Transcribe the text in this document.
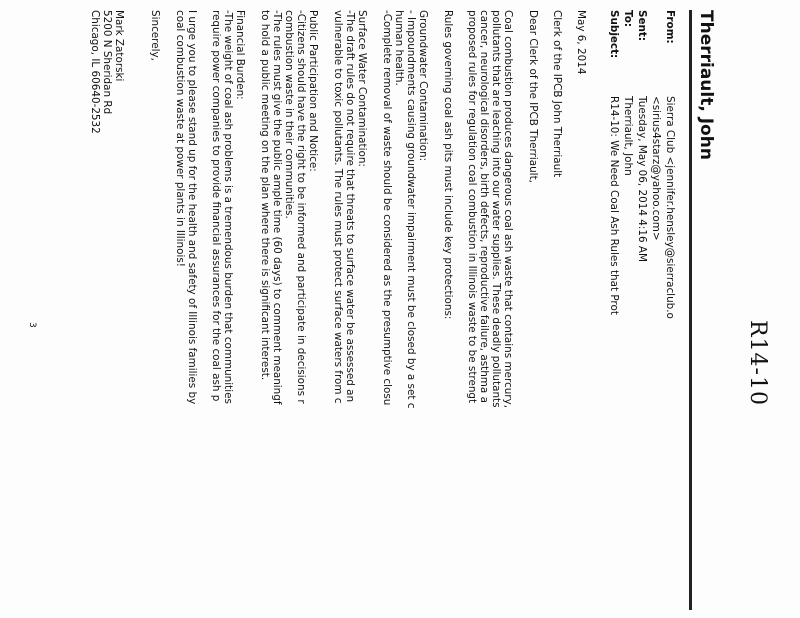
R14-10
Therriault, John
From:
Sierra Club <jennifer.hensley@sierraclub.o
<sirius4starz@yahoo.com>
Sent:
Tuesday, May 06, 2014 4:16 AM
To:
Therriault, John
Subject:
R14-10: We Need Coal Ash Rules that Prot
May 6, 2014
Clerk of the IPCB John Therriault
Dear Clerk of the IPCB Therriault,
Coal combustion produces dangerous coal ash waste that contains mercury,
pollutants that are leaching into our water supplies. These deadly pollutants
cancer, neurological disorders, birth defects, reproductive failure, asthma a
proposed rules for regulation coal combustion in Illinois waste to be strengt
Rules governing coal ash pits must include key protections:
Groundwater Contamination:
- Impoundments causing groundwater impairment must be closed by a set c
human health.
-Complete removal of waste should be considered as the presumptive closu
Surface Water Contamination:
-The draft rules do not require that threats to surface water be assessed an
vulnerable to toxic pollutants. The rules must protect surface waters from c
Public Participation and Notice:
-Citizens should have the right to be informed and participate in decisions r
combustion waste in their communities.
-The rules must give the public ample time (60 days) to comment meaningf
to hold a public meeting on the plan where there is significant interest.
Financial Burden:
-The weight of coal ash problems is a tremendous burden that communities
require power companies to provide financial assurances for the coal ash p
I urge you to please stand up for the health and safety of Illinois families by
coal combustion waste at power plants in Illinois!
Sincerely,
Mark Zatorski
5200 N Sheridan Rd
Chicago, IL 60640-2532
3
